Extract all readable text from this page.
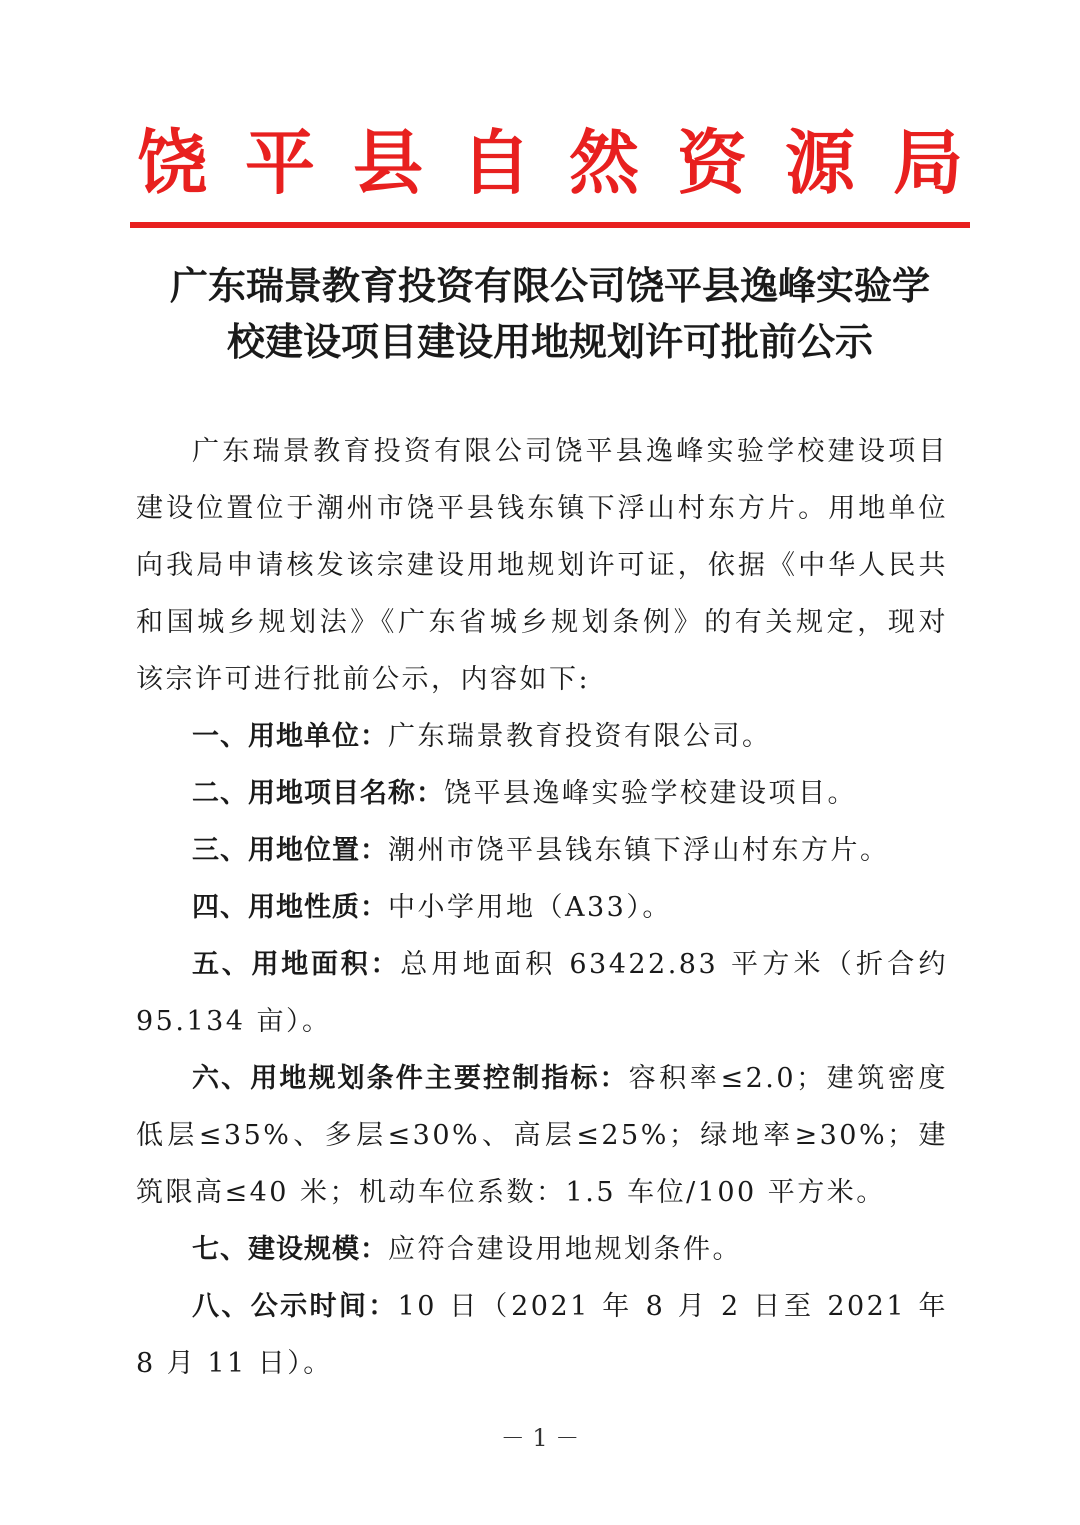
饶 平 县 自 然 资 源 局
广东瑞景教育投资有限公司饶平县逸峰实验学
校建设项目建设用地规划许可批前公示

广东瑞景教育投资有限公司饶平县逸峰实验学校建设项目建设位置位于潮州市饶平县钱东镇下浮山村东方片。用地单位向我局申请核发该宗建设用地规划许可证，依据《中华人民共和国城乡规划法》《广东省城乡规划条例》的有关规定，现对该宗许可进行批前公示，内容如下:

一、用地单位：广东瑞景教育投资有限公司。

二、用地项目名称：饶平县逸峰实验学校建设项目。

三、用地位置：潮州市饶平县钱东镇下浮山村东方片。

四、用地性质：中小学用地（A33）。

五、用地面积：总用地面积 63422.83 平方米（折合约 95.134 亩）。

六、用地规划条件主要控制指标：容积率≤2.0；建筑密度低层≤35%、多层≤30%、高层≤25%；绿地率≥30%；建筑限高≤40 米；机动车位系数：1.5 车位/100 平方米。

七、建设规模：应符合建设用地规划条件。

八、公示时间：10 日（2021 年 8 月 2 日至 2021 年 8 月 11 日）。

－ 1 －
